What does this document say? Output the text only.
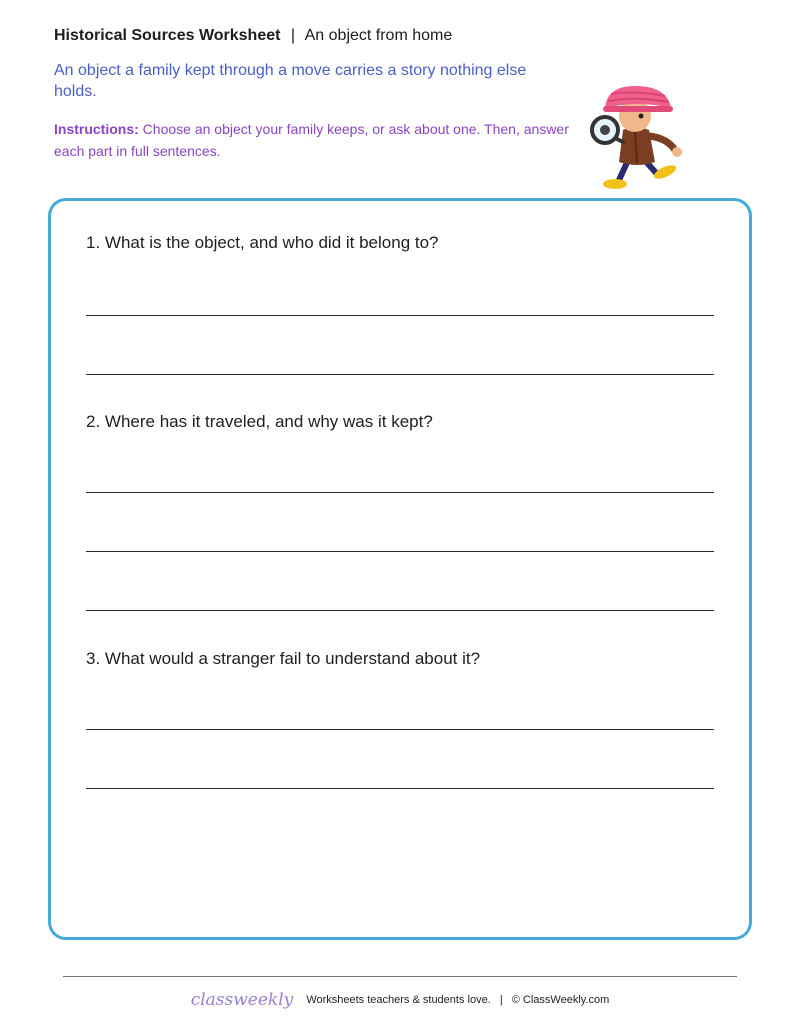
Historical Sources Worksheet | An object from home
An object a family kept through a move carries a story nothing else holds.
Instructions: Choose an object your family keeps, or ask about one. Then, answer each part in full sentences.
1. What is the object, and who did it belong to?
2. Where has it traveled, and why was it kept?
3. What would a stranger fail to understand about it?
classweekly Worksheets teachers & students love. | © ClassWeekly.com
